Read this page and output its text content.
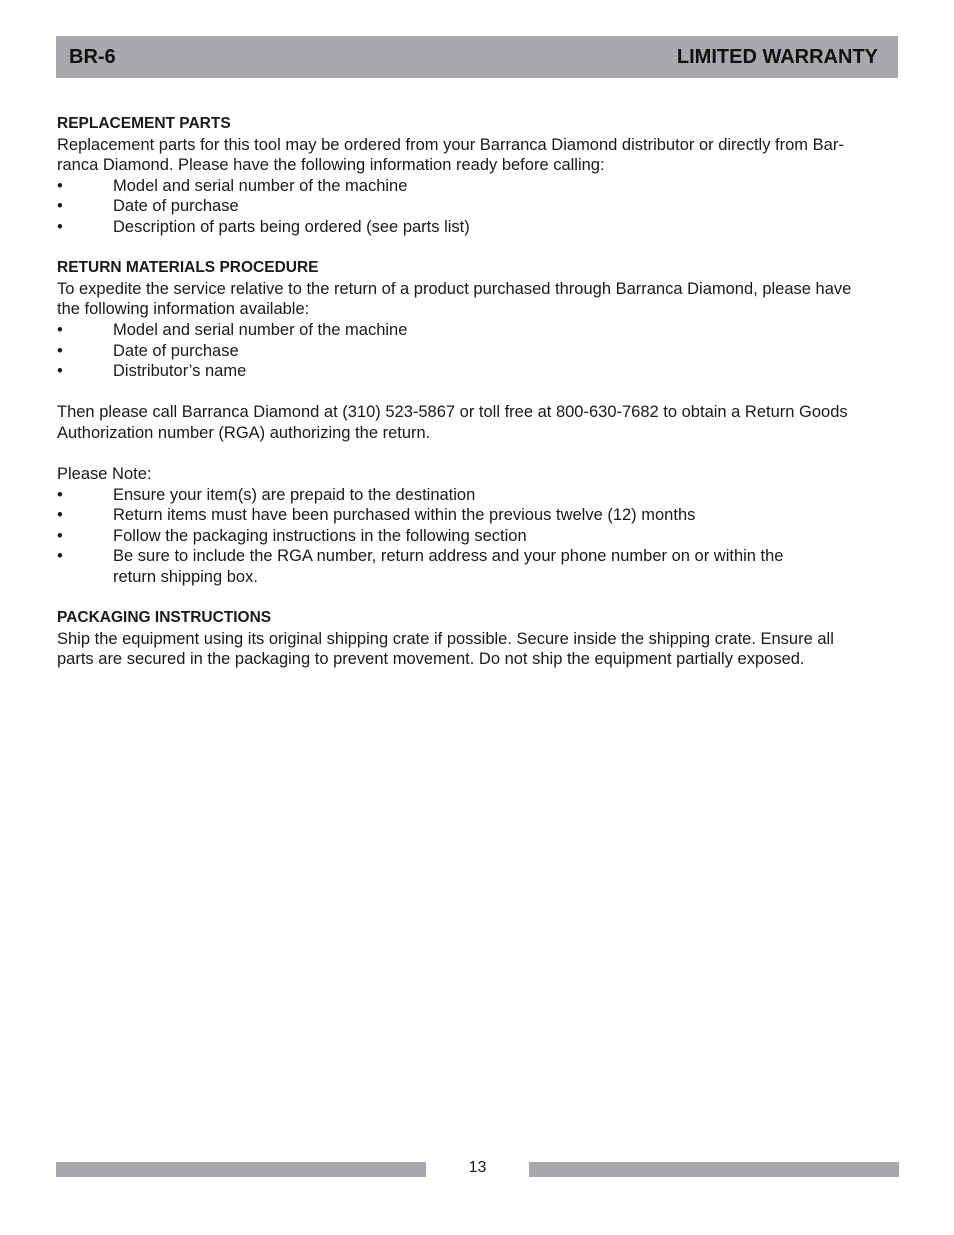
BR-6	LIMITED WARRANTY
REPLACEMENT PARTS

Replacement parts for this tool may be ordered from your Barranca Diamond distributor or directly from Bar-

ranca Diamond. Please have the following information ready before calling:

•	Model and serial number of the machine
•	Date of purchase
•	Description of parts being ordered (see parts list)
RETURN MATERIALS PROCEDURE

To expedite the service relative to the return of a product purchased through Barranca Diamond, please have

the following information available:

•	Model and serial number of the machine
•	Date of purchase
•	Distributor’s name

Then please call Barranca Diamond at (310) 523-5867 or toll free at 800-630-7682 to obtain a Return Goods

Authorization number (RGA) authorizing the return.

Please Note:

•	Ensure your item(s) are prepaid to the destination
•	Return items must have been purchased within the previous twelve (12) months
•	Follow the packaging instructions in the following section
•	Be sure to include the RGA number, return address and your phone number on or within the return shipping box.
PACKAGING INSTRUCTIONS

Ship the equipment using its original shipping crate if possible. Secure inside the shipping crate. Ensure all

parts are secured in the packaging to prevent movement. Do not ship the equipment partially exposed.

13
